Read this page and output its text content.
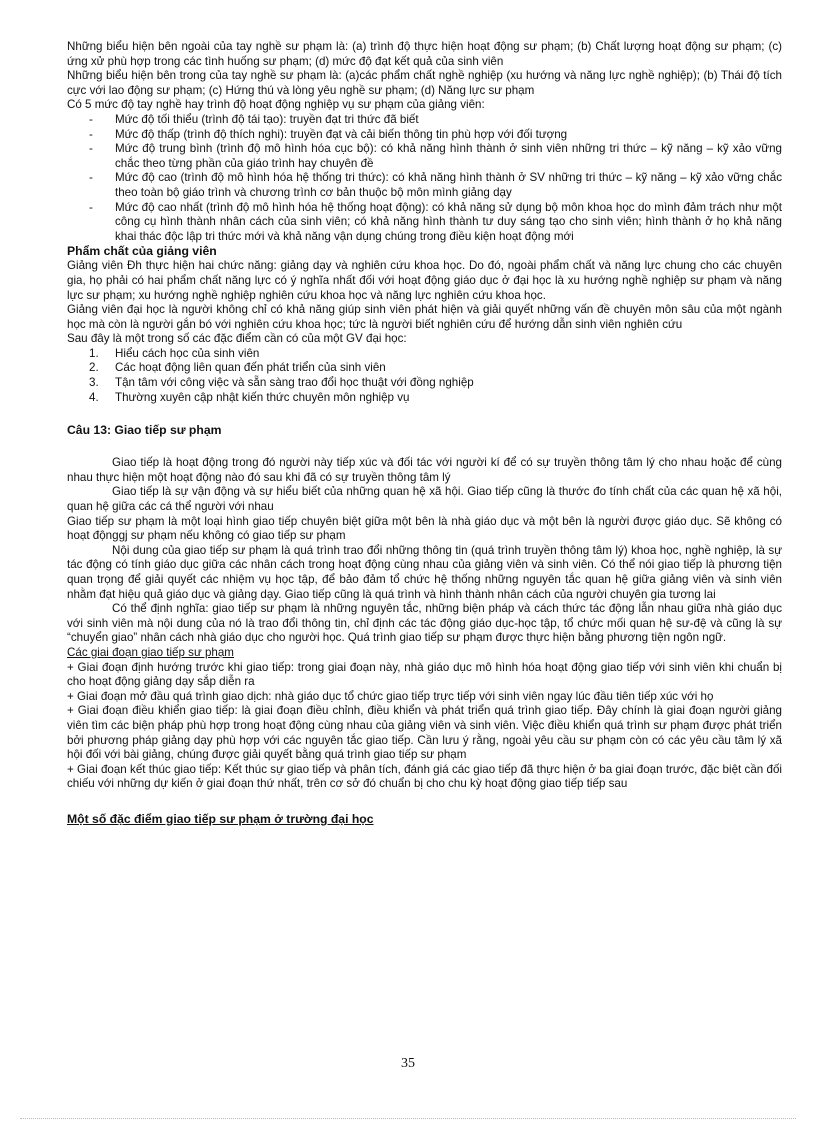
Những biểu hiện bên ngoài của tay nghề sư phạm là: (a) trình độ thực hiện hoạt động sư phạm; (b) Chất lượng hoạt động sư phạm; (c) ứng xử phù hợp trong các tình huống sư phạm; (d) mức độ đạt kết quả của sinh viên

Những biểu hiện bên trong của tay nghề sư phạm là: (a)các phẩm chất nghề nghiệp (xu hướng và năng lực nghề nghiệp); (b) Thái độ tích cực với lao động sư phạm; (c) Hứng thú và lòng yêu nghề sư phạm; (d) Năng lực sư phạm

Có 5 mức độ tay nghề hay trình độ hoạt động nghiệp vụ sư phạm của giảng viên:

- Mức độ tối thiểu (trình độ tái tạo): truyền đạt tri thức đã biết
- Mức độ thấp (trình độ thích nghi): truyền đạt và cải biến thông tin phù hợp với đối tượng
- Mức độ trung bình (trình độ mô hình hóa cục bộ): có khả năng hình thành ở sinh viên những tri thức – kỹ năng – kỹ xảo vững chắc theo từng phần của giáo trình hay chuyên đề
- Mức độ cao (trình độ mô hình hóa hệ thống tri thức): có khả năng hình thành ở SV những tri thức – kỹ năng – kỹ xảo vững chắc theo toàn bộ giáo trình và chương trình cơ bản thuộc bộ môn mình giảng dạy
- Mức độ cao nhất (trình độ mô hình hóa hệ thống hoạt động): có khả năng sử dụng bộ môn khoa học do mình đảm trách như một công cụ hình thành nhân cách của sinh viên; có khả năng hình thành tư duy sáng tạo cho sinh viên; hình thành ở họ khả năng khai thác độc lập tri thức mới và khả năng vận dụng chúng trong điều kiện hoạt động mới
Phẩm chất của giảng viên

Giảng viên Đh thực hiện hai chức năng: giảng dạy và nghiên cứu khoa học. Do đó, ngoài phẩm chất và năng lực chung cho các chuyên gia, họ phải có hai phẩm chất năng lực có ý nghĩa nhất đối với hoạt động giáo dục ở đại học là xu hướng nghề nghiệp sư phạm và năng lực sư phạm; xu hướng nghề nghiệp nghiên cứu khoa học và năng lực nghiên cứu khoa học.

Giảng viên đại học là người không chỉ có khả năng giúp sinh viên phát hiện và giải quyết những vấn đề chuyên môn sâu của một ngành học mà còn là người gắn bó với nghiên cứu khoa học; tức là người biết nghiên cứu để hướng dẫn sinh viên nghiên cứu

Sau đây là một trong số các đặc điểm cần có của một GV đại học:

1. Hiểu cách học của sinh viên
2. Các hoạt động liên quan đến phát triển của sinh viên
3. Tận tâm với công việc và sẵn sàng trao đổi học thuật với đồng nghiệp
4. Thường xuyên cập nhật kiến thức chuyên môn nghiệp vụ
Câu 13: Giao tiếp sư phạm

Giao tiếp là hoạt động trong đó người này tiếp xúc và đối tác với người kí để có sự truyền thông tâm lý cho nhau hoặc để cùng nhau thực hiện một hoạt động nào đó sau khi đã có sự truyền thông tâm lý

Giao tiếp là sự vận động và sự hiểu biết của những quan hệ xã hội. Giao tiếp cũng là thước đo tính chất của các quan hệ xã hội, quan hệ giữa các cá thể người với nhau

Giao tiếp sư phạm là một loại hình giao tiếp chuyên biệt giữa một bên là nhà giáo dục và một bên là người được giáo dục. Sẽ không có hoạt độnggj sư phạm nếu không có giao tiếp sư phạm

Nội dung của giao tiếp sư phạm là quá trình trao đổi những thông tin (quá trình truyền thông tâm lý) khoa học, nghề nghiệp, là sự tác động có tính giáo dục giữa các nhân cách trong hoạt động cùng nhau của giảng viên và sinh viên. Có thể nói giao tiếp là phương tiện quan trọng để giải quyết các nhiệm vụ học tập, để bảo đảm tổ chức hệ thống những nguyên tắc quan hệ giữa giảng viên và sinh viên nhằm đạt hiệu quả giáo dục và giảng dạy. Giao tiếp cũng là quá trình và hình thành nhân cách của người chuyên gia tương lai

Có thể định nghĩa: giao tiếp sư phạm là những nguyên tắc, những biện pháp và cách thức tác động lẫn nhau giữa nhà giáo dục với sinh viên mà nội dung của nó là trao đổi thông tin, chỉ định các tác động giáo dục-học tập, tổ chức mối quan hệ sư-đệ và cũng là sự “chuyển giao” nhân cách nhà giáo dục cho người học. Quá trình giao tiếp sư phạm được thực hiện bằng phương tiện ngôn ngữ.

Các giai đoạn giao tiếp sư phạm

+ Giai đoạn định hướng trước khi giao tiếp: trong giai đoạn này, nhà giáo dục mô hình hóa hoạt động giao tiếp với sinh viên khi chuẩn bị cho hoạt động giảng dạy sắp diễn ra

+ Giai đoạn mở đầu quá trình giao dịch: nhà giáo dục tổ chức giao tiếp trực tiếp với sinh viên ngay lúc đầu tiên tiếp xúc với họ

+ Giai đoạn điều khiển giao tiếp: là giai đoạn điều chỉnh, điều khiển và phát triển quá trình giao tiếp. Đây chính là giai đoạn người giảng viên tìm các biện pháp phù hợp trong hoạt động cùng nhau của giảng viên và sinh viên. Việc điều khiển quá trình sư phạm được phát triển bởi phương pháp giảng dạy phù hợp với các nguyên tắc giao tiếp. Cần lưu ý rằng, ngoài yêu cầu sư phạm còn có các yêu cầu tâm lý xã hội đối với bài giảng, chúng được giải quyết bằng quá trình giao tiếp sư phạm

+ Giai đoạn kết thúc giao tiếp: Kết thúc sự giao tiếp và phân tích, đánh giá các giao tiếp đã thực hiện ở ba giai đoạn trước, đặc biệt cần đối chiếu với những dự kiến ở giai đoạn thứ nhất, trên cơ sở đó chuẩn bị cho chu kỳ hoạt động giao tiếp tiếp sau

Một số đặc điểm giao tiếp sư phạm ở trường đại học

35
